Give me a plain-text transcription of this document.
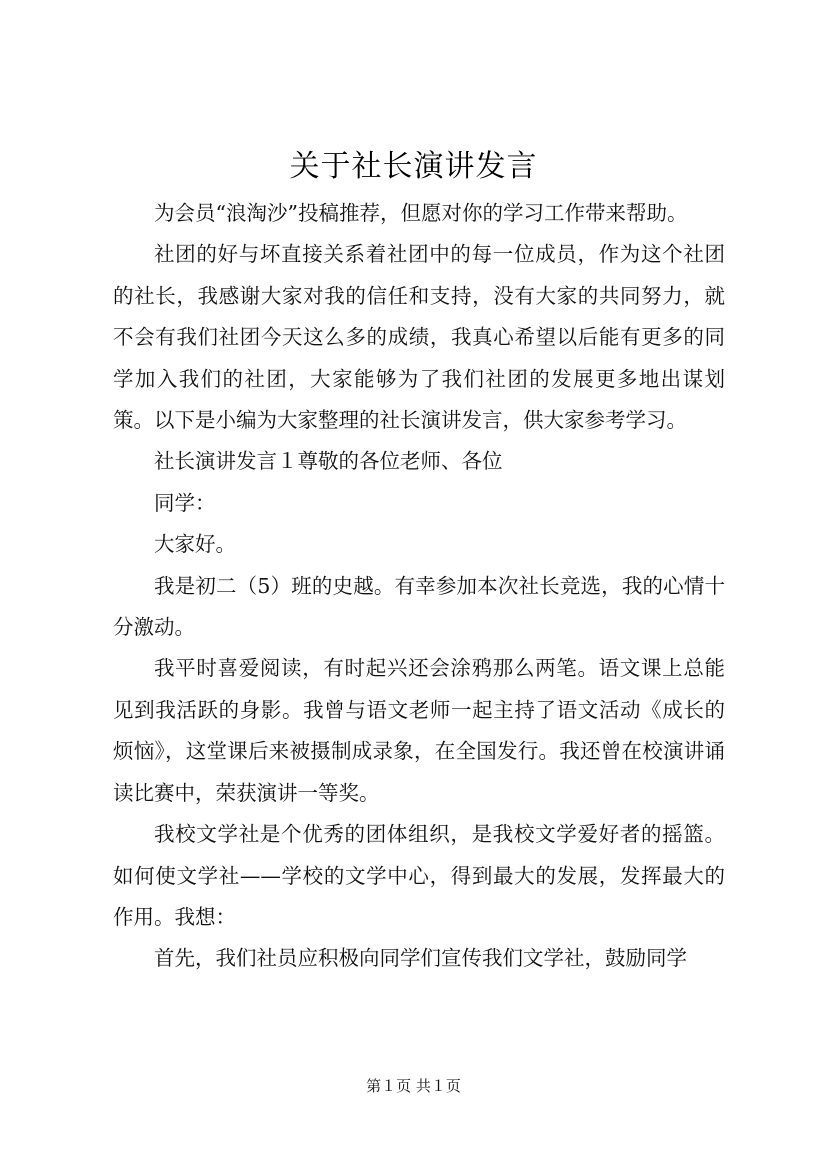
关于社长演讲发言

为会员“浪淘沙”投稿推荐，但愿对你的学习工作带来帮助。

社团的好与坏直接关系着社团中的每一位成员，作为这个社团的社长，我感谢大家对我的信任和支持，没有大家的共同努力，就不会有我们社团今天这么多的成绩，我真心希望以后能有更多的同学加入我们的社团，大家能够为了我们社团的发展更多地出谋划策。以下是小编为大家整理的社长演讲发言，供大家参考学习。

社长演讲发言１尊敬的各位老师、各位

同学：

大家好。

我是初二（5）班的史越。有幸参加本次社长竞选，我的心情十分激动。

我平时喜爱阅读，有时起兴还会涂鸦那么两笔。语文课上总能见到我活跃的身影。我曾与语文老师一起主持了语文活动《成长的烦恼》，这堂课后来被摄制成录象，在全国发行。我还曾在校演讲诵读比赛中，荣获演讲一等奖。

我校文学社是个优秀的团体组织，是我校文学爱好者的摇篮。如何使文学社——学校的文学中心，得到最大的发展，发挥最大的作用。我想：

首先，我们社员应积极向同学们宣传我们文学社，鼓励同学

第１页 共１页
